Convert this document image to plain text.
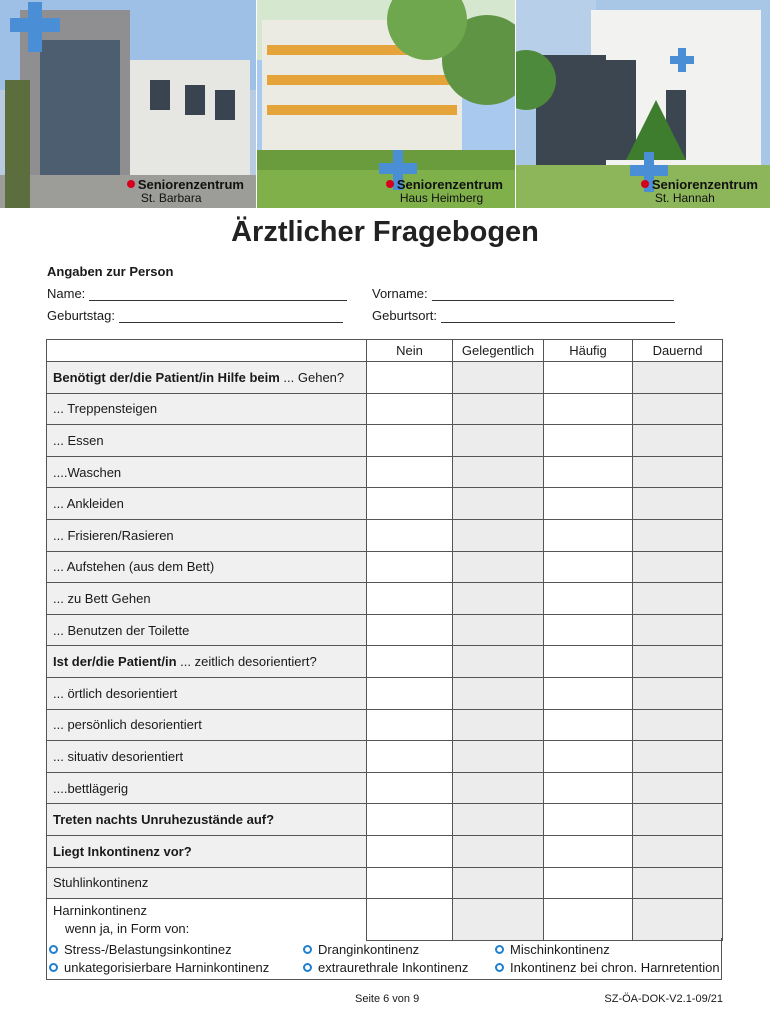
Seniorenzentrum
St. Barbara
Seniorenzentrum
Haus Heimberg
Seniorenzentrum
St. Hannah
Ärztlicher Fragebogen
Angaben zur Person
Name:	Vorname:
Geburtstag:	Geburtsort:
	Nein	Gelegentlich	Häufig	Dauernd
Benötigt der/die Patient/in Hilfe beim ... Gehen?				
... Treppensteigen				
... Essen				
....Waschen				
... Ankleiden				
... Frisieren/Rasieren				
... Aufstehen (aus dem Bett)				
... zu Bett Gehen				
... Benutzen der Toilette				
Ist der/die Patient/in ... zeitlich desorientiert?				
... örtlich desorientiert				
... persönlich desorientiert				
... situativ desorientiert				
....bettlägerig				
Treten nachts Unruhezustände auf?				
Liegt Inkontinenz vor?				
Stuhlinkontinenz				

Harninkontinenz
wenn ja, in Form von:				

Stress-/Belastungsinkontinez	Dranginkontinenz	Mischinkontinenz
unkategorisierbare Harninkontinenz	extraurethrale Inkontinenz	Inkontinenz bei chron. Harnretention
Seite 6 von 9	SZ-ÖA-DOK-V2.1-09/21
